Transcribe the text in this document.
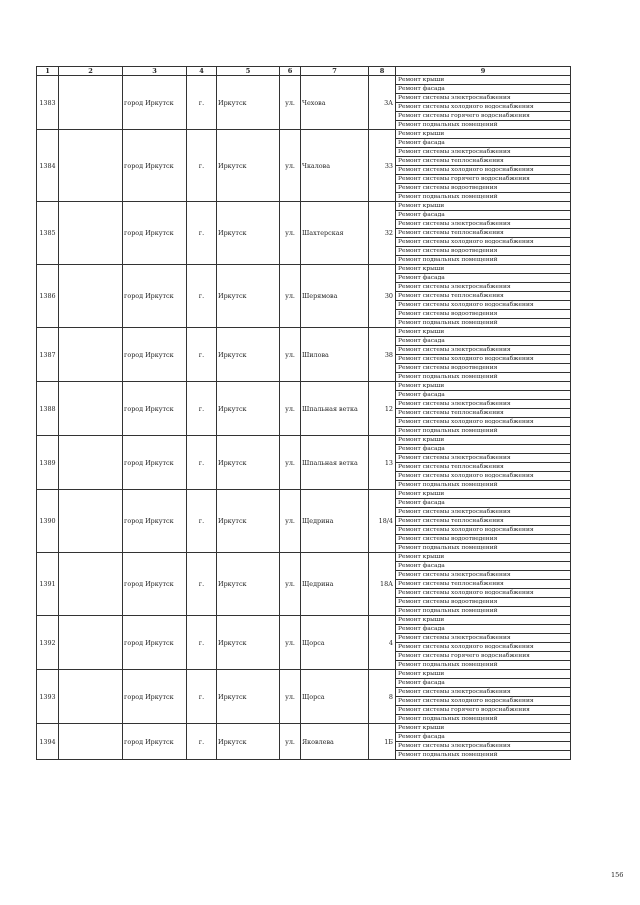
1	2	3	4	5	6	7	8	9
1383		город Иркутск	г.	Иркутск	ул.	Чехова	3А	Ремонт крыши
								Ремонт фасада
								Ремонт системы электроснабжения
								Ремонт системы холодного водоснабжения
								Ремонт системы горячего водоснабжения
								Ремонт подвальных помещений
1384		город Иркутск	г.	Иркутск	ул.	Чкалова	33	Ремонт крыши
								Ремонт фасада
								Ремонт системы электроснабжения
								Ремонт системы теплоснабжения
								Ремонт системы холодного водоснабжения
								Ремонт системы горячего водоснабжения
								Ремонт системы водоотведения
								Ремонт подвальных помещений
1385		город Иркутск	г.	Иркутск	ул.	Шахтерская	32	Ремонт крыши
								Ремонт фасада
								Ремонт системы электроснабжения
								Ремонт системы теплоснабжения
								Ремонт системы холодного водоснабжения
								Ремонт системы водоотведения
								Ремонт подвальных помещений
1386		город Иркутск	г.	Иркутск	ул.	Шерямова	30	Ремонт крыши
								Ремонт фасада
								Ремонт системы электроснабжения
								Ремонт системы теплоснабжения
								Ремонт системы холодного водоснабжения
								Ремонт системы водоотведения
								Ремонт подвальных помещений
1387		город Иркутск	г.	Иркутск	ул.	Шилова	38	Ремонт крыши
								Ремонт фасада
								Ремонт системы электроснабжения
								Ремонт системы холодного водоснабжения
								Ремонт системы водоотведения
								Ремонт подвальных помещений
1388		город Иркутск	г.	Иркутск	ул.	Шпальная ветка	12	Ремонт крыши
								Ремонт фасада
								Ремонт системы электроснабжения
								Ремонт системы теплоснабжения
								Ремонт системы холодного водоснабжения
								Ремонт подвальных помещений
1389		город Иркутск	г.	Иркутск	ул.	Шпальная ветка	13	Ремонт крыши
								Ремонт фасада
								Ремонт системы электроснабжения
								Ремонт системы теплоснабжения
								Ремонт системы холодного водоснабжения
								Ремонт подвальных помещений
1390		город Иркутск	г.	Иркутск	ул.	Щедрина	18/4	Ремонт крыши
								Ремонт фасада
								Ремонт системы электроснабжения
								Ремонт системы теплоснабжения
								Ремонт системы холодного водоснабжения
								Ремонт системы водоотведения
								Ремонт подвальных помещений
1391		город Иркутск	г.	Иркутск	ул.	Щедрина	18А	Ремонт крыши
								Ремонт фасада
								Ремонт системы электроснабжения
								Ремонт системы теплоснабжения
								Ремонт системы холодного водоснабжения
								Ремонт системы водоотведения
								Ремонт подвальных помещений
1392		город Иркутск	г.	Иркутск	ул.	Щорса	4	Ремонт крыши
								Ремонт фасада
								Ремонт системы электроснабжения
								Ремонт системы холодного водоснабжения
								Ремонт системы горячего водоснабжения
								Ремонт подвальных помещений
1393		город Иркутск	г.	Иркутск	ул.	Щорса	8	Ремонт крыши
								Ремонт фасада
								Ремонт системы электроснабжения
								Ремонт системы холодного водоснабжения
								Ремонт системы горячего водоснабжения
								Ремонт подвальных помещений
1394		город Иркутск	г.	Иркутск	ул.	Яковлева	1Б	Ремонт крыши
								Ремонт фасада
								Ремонт системы электроснабжения
								Ремонт подвальных помещений
156
